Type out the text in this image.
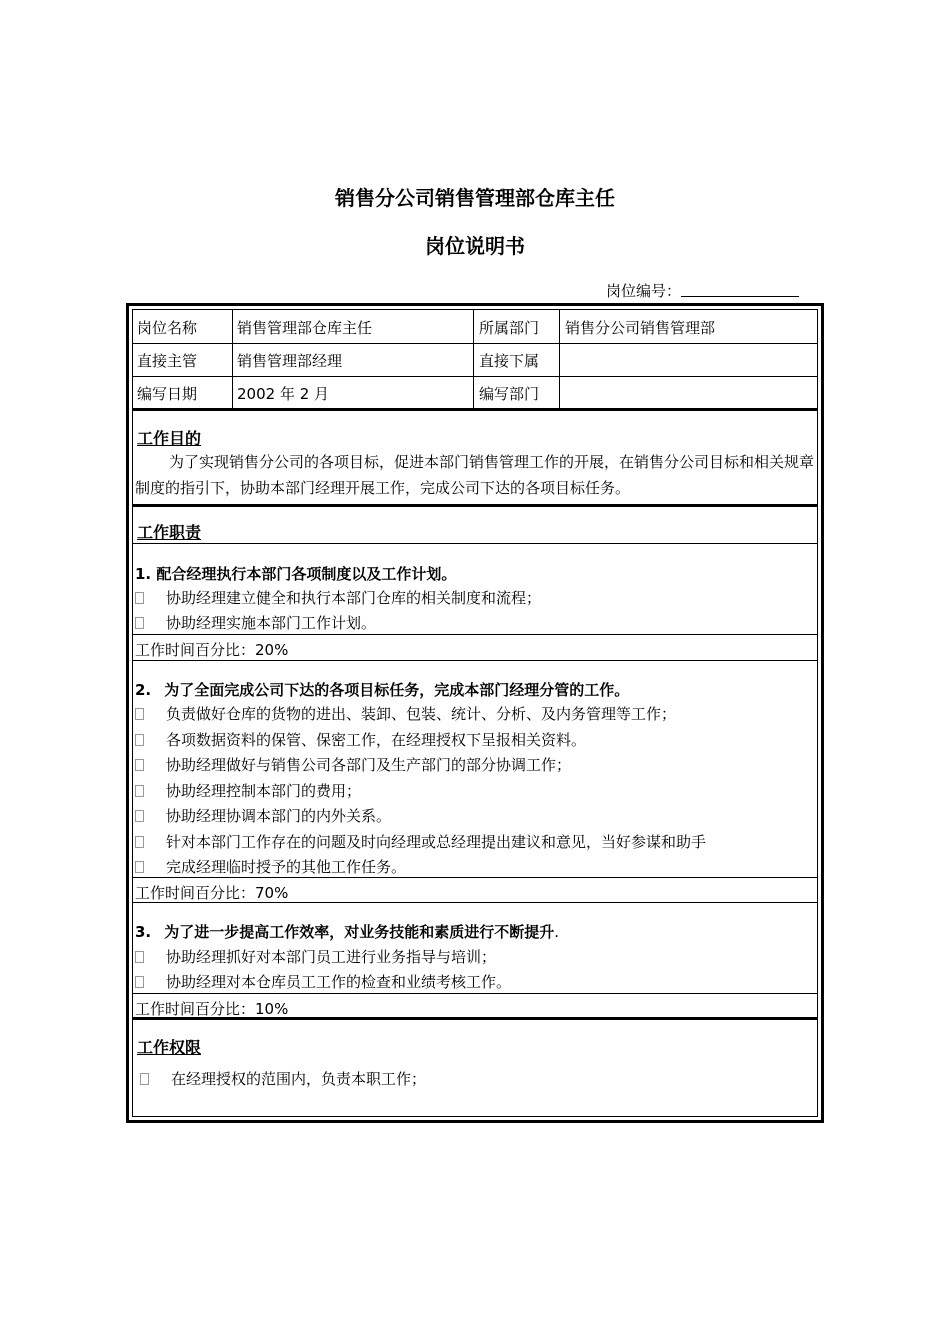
销售分公司销售管理部仓库主任
岗位说明书
岗位编号：
岗位名称	销售管理部仓库主任	所属部门 销售分公司销售管理部
直接主管	销售管理部经理	直接下属
编写日期	2002 年 2 月	编写部门
工作目的
为了实现销售分公司的各项目标，促进本部门销售管理工作的开展，在销售分公司目标和相关规章制度的指引下，协助本部门经理开展工作，完成公司下达的各项目标任务。
工作职责
1. 配合经理执行本部门各项制度以及工作计划。
协助经理建立健全和执行本部门仓库的相关制度和流程；
协助经理实施本部门工作计划。
工作时间百分比：20%
2. 为了全面完成公司下达的各项目标任务，完成本部门经理分管的工作。
负责做好仓库的货物的进出、装卸、包装、统计、分析、及内务管理等工作；
各项数据资料的保管、保密工作，在经理授权下呈报相关资料。
协助经理做好与销售公司各部门及生产部门的部分协调工作；
协助经理控制本部门的费用；
协助经理协调本部门的内外关系。
针对本部门工作存在的问题及时向经理或总经理提出建议和意见，当好参谋和助手
完成经理临时授予的其他工作任务。
工作时间百分比：70%
3. 为了进一步提高工作效率，对业务技能和素质进行不断提升.
协助经理抓好对本部门员工进行业务指导与培训；
协助经理对本仓库员工工作的检查和业绩考核工作。
工作时间百分比：10%
工作权限
在经理授权的范围内，负责本职工作；
